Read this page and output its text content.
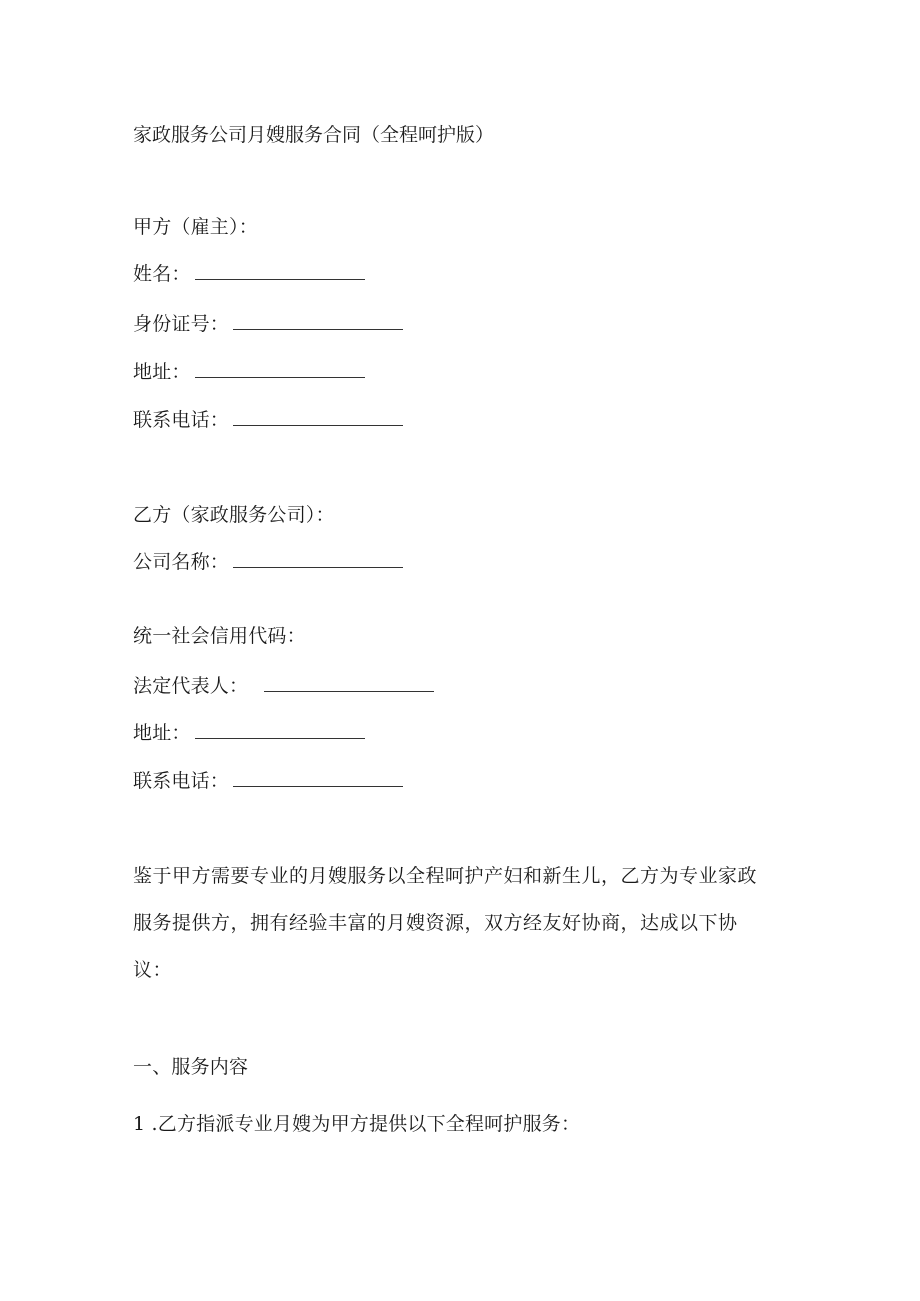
家政服务公司月嫂服务合同（全程呵护版）
甲方（雇主）：
姓名：
身份证号：
地址：
联系电话：
乙方（家政服务公司）：
公司名称：
统一社会信用代码：
法定代表人：
地址：
联系电话：

鉴于甲方需要专业的月嫂服务以全程呵护产妇和新生儿，乙方为专业家政

服务提供方，拥有经验丰富的月嫂资源，双方经友好协商，达成以下协

议：

一、服务内容
1 .乙方指派专业月嫂为甲方提供以下全程呵护服务：
